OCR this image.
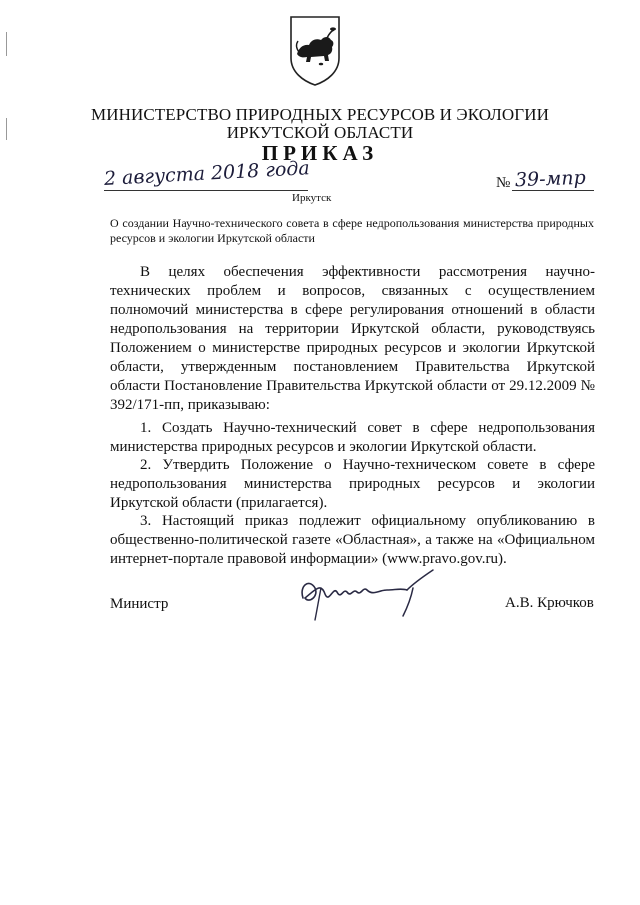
МИНИСТЕРСТВО ПРИРОДНЫХ РЕСУРСОВ И ЭКОЛОГИИ
ИРКУТСКОЙ ОБЛАСТИ
ПРИКАЗ
2 августа 2018 года
Иркутск
№ 39-мпр
О создании Научно-технического совета в сфере недропользования министерства природных ресурсов и экологии Иркутской области
В целях обеспечения эффективности рассмотрения научно-технических проблем и вопросов, связанных с осуществлением полномочий министерства в сфере регулирования отношений в области недропользования на территории Иркутской области, руководствуясь Положением о министерстве природных ресурсов и экологии Иркутской области, утвержденным постановлением Правительства Иркутской области Постановление Правительства Иркутской области от 29.12.2009 № 392/171-пп, приказываю:
1. Создать Научно-технический совет в сфере недропользования министерства природных ресурсов и экологии Иркутской области.
2. Утвердить Положение о Научно-техническом совете в сфере недропользования министерства природных ресурсов и экологии Иркутской области (прилагается).
3. Настоящий приказ подлежит официальному опубликованию в общественно-политической газете «Областная», а также на «Официальном интернет-портале правовой информации» (www.pravo.gov.ru).
Министр	А.В. Крючков
